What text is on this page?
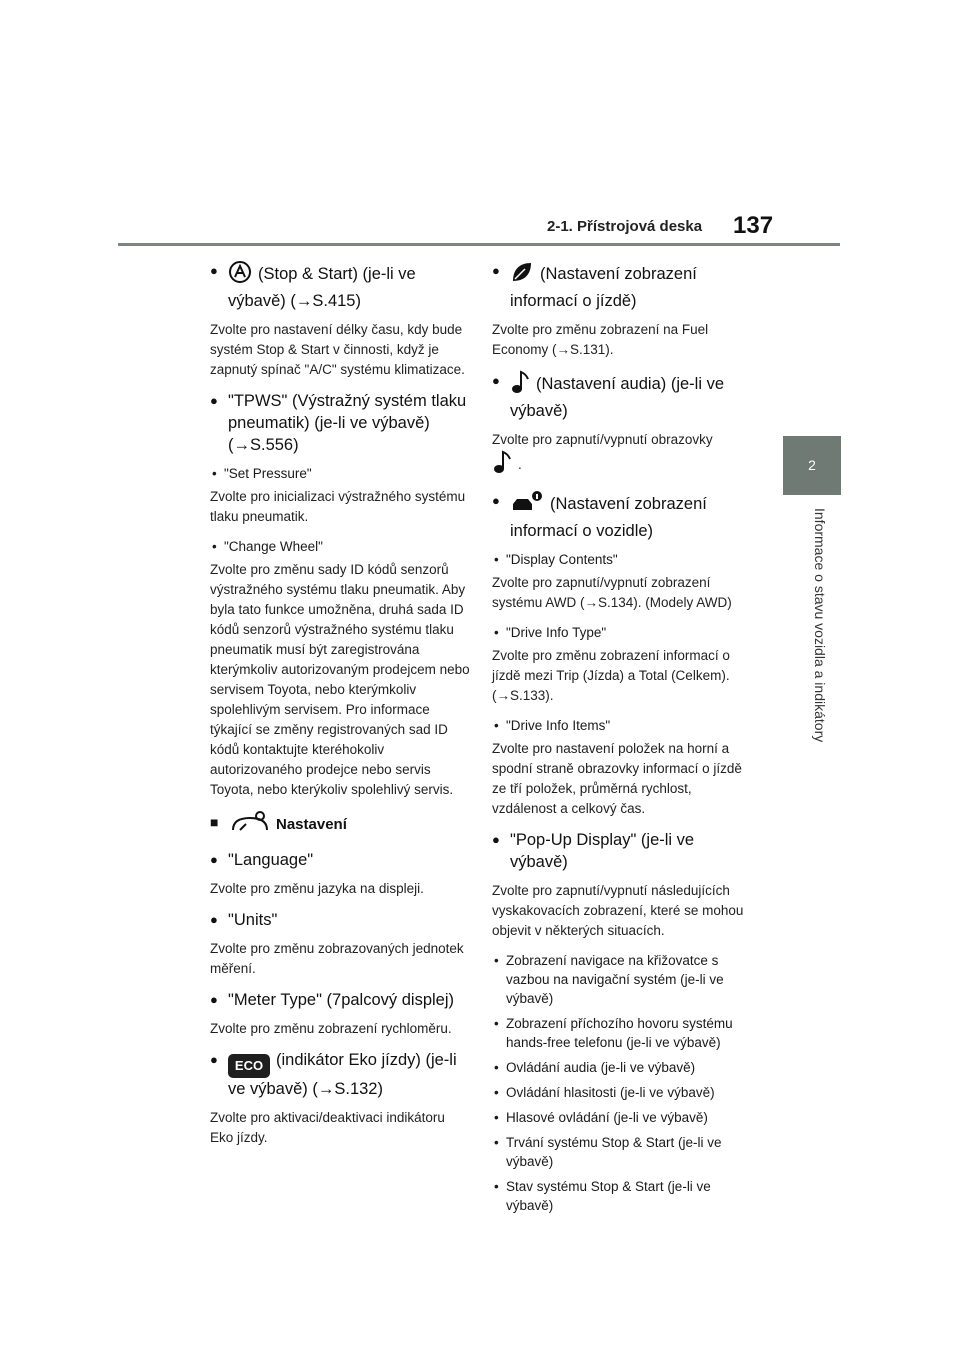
2-1. Přístrojová deska 137
2
Informace o stavu vozidla a indikátory
● (Stop & Start) (je-li ve výbavě) (→S.415)

Zvolte pro nastavení délky času, kdy bude systém Stop & Start v činnosti, když je zapnutý spínač "A/C" systému klimatizace.

● "TPWS" (Výstražný systém tlaku pneumatik) (je-li ve výbavě) (→S.556)
• "Set Pressure"

Zvolte pro inicializaci výstražného systému tlaku pneumatik.

• "Change Wheel"

Zvolte pro změnu sady ID kódů senzorů výstražného systému tlaku pneumatik. Aby byla tato funkce umožněna, druhá sada ID kódů senzorů výstražného systému tlaku pneumatik musí být zaregistrována kterýmkoliv autorizovaným prodejcem nebo servisem Toyota, nebo kterýmkoliv spolehlivým servisem. Pro informace týkající se změny registrovaných sad ID kódů kontaktujte kteréhokoliv autorizovaného prodejce nebo servis Toyota, nebo kterýkoliv spolehlivý servis.

■ Nastavení
● "Language"

Zvolte pro změnu jazyka na displeji.

● "Units"

Zvolte pro změnu zobrazovaných jednotek měření.

● "Meter Type" (7palcový displej)

Zvolte pro změnu zobrazení rychloměru.

● ECO (indikátor Eko jízdy) (je-li ve výbavě) (→S.132)

Zvolte pro aktivaci/deaktivaci indikátoru Eko jízdy.

● (Nastavení zobrazení informací o jízdě)

Zvolte pro změnu zobrazení na Fuel Economy (→S.131).

● (Nastavení audia) (je-li ve výbavě)

Zvolte pro zapnutí/vypnutí obrazovky
.

● (Nastavení zobrazení informací o vozidle)
• "Display Contents"

Zvolte pro zapnutí/vypnutí zobrazení systému AWD (→S.134). (Modely AWD)

• "Drive Info Type"

Zvolte pro změnu zobrazení informací o jízdě mezi Trip (Jízda) a Total (Celkem). (→S.133).

• "Drive Info Items"

Zvolte pro nastavení položek na horní a spodní straně obrazovky informací o jízdě ze tří položek, průměrná rychlost, vzdálenost a celkový čas.

● "Pop-Up Display" (je-li ve výbavě)

Zvolte pro zapnutí/vypnutí následujících vyskakovacích zobrazení, které se mohou objevit v některých situacích.

• Zobrazení navigace na křižovatce s vazbou na navigační systém (je-li ve výbavě)
• Zobrazení příchozího hovoru systému hands-free telefonu (je-li ve výbavě)
• Ovládání audia (je-li ve výbavě)
• Ovládání hlasitosti (je-li ve výbavě)
• Hlasové ovládání (je-li ve výbavě)
• Trvání systému Stop & Start (je-li ve výbavě)
• Stav systému Stop & Start (je-li ve výbavě)
